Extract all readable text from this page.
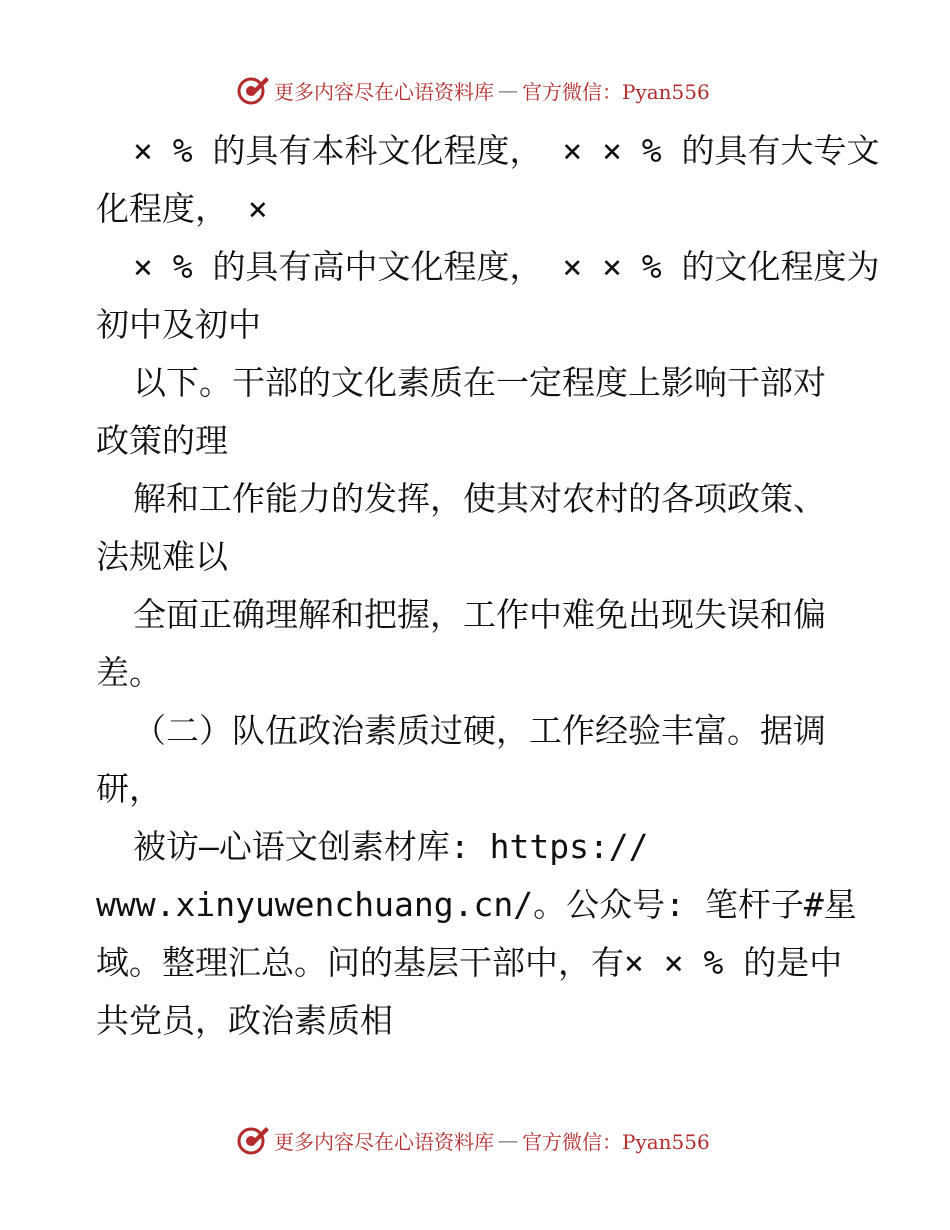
更多内容尽在心语资料库 — 官方微信：Pyan556
× % 的具有本科文化程度， × × % 的具有大专文
化程度， ×
× % 的具有高中文化程度， × × % 的文化程度为
初中及初中
以下。干部的文化素质在一定程度上影响干部对
政策的理
解和工作能力的发挥，使其对农村的各项政策、
法规难以
全面正确理解和把握，工作中难免出现失误和偏
差。
（二）队伍政治素质过硬，工作经验丰富。据调
研，
被访—心语文创素材库: https://
www.xinyuwenchuang.cn/。公众号: 笔杆子#星
域。整理汇总。问的基层干部中，有× × % 的是中
共党员，政治素质相
更多内容尽在心语资料库 — 官方微信：Pyan556
